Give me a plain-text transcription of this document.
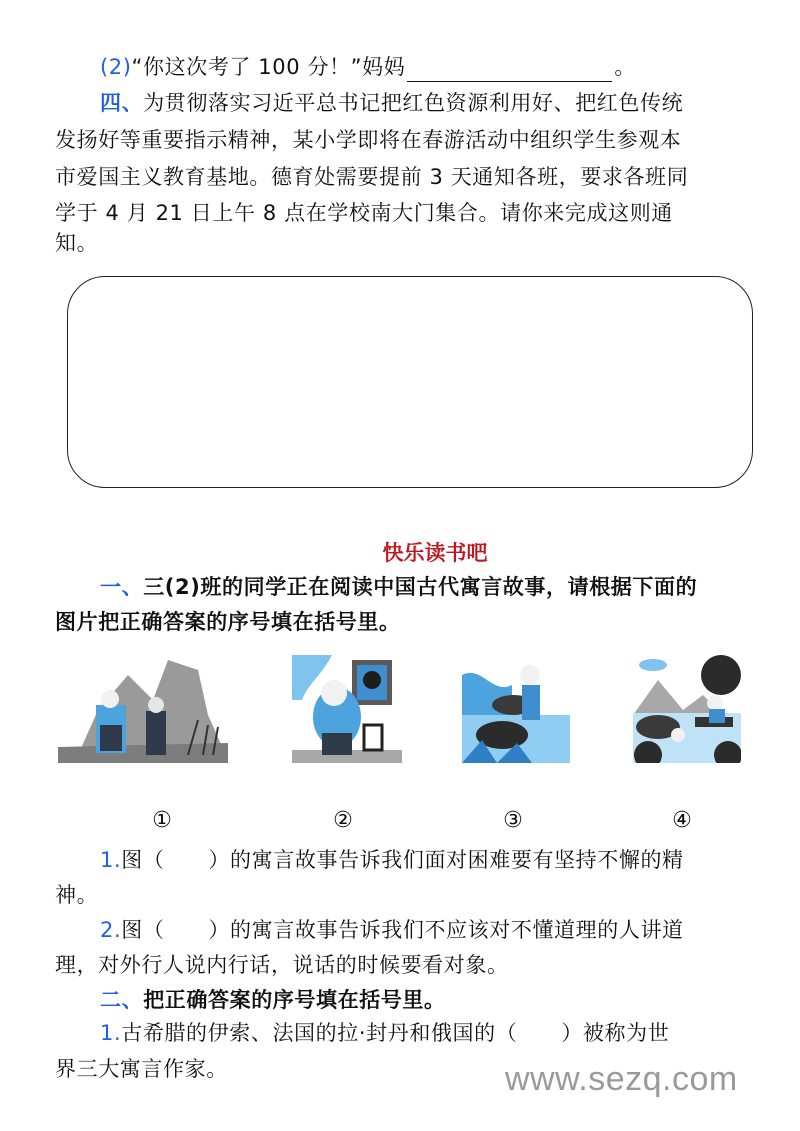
(2)“你这次考了 100 分！”妈妈	。
四、为贯彻落实习近平总书记把红色资源利用好、把红色传统
发扬好等重要指示精神，某小学即将在春游活动中组织学生参观本
市爱国主义教育基地。德育处需要提前 3 天通知各班，要求各班同
学于 4 月 21 日上午 8 点在学校南大门集合。请你来完成这则通
知。
快乐读书吧
一、三(2)班的同学正在阅读中国古代寓言故事，请根据下面的
图片把正确答案的序号填在括号里。
①	②	③	④
1.图（ ）的寓言故事告诉我们面对困难要有坚持不懈的精
神。
2.图（ ）的寓言故事告诉我们不应该对不懂道理的人讲道
理，对外行人说内行话，说话的时候要看对象。
二、把正确答案的序号填在括号里。
1.古希腊的伊索、法国的拉·封丹和俄国的（ ）被称为世
界三大寓言作家。	www.sezq.com
